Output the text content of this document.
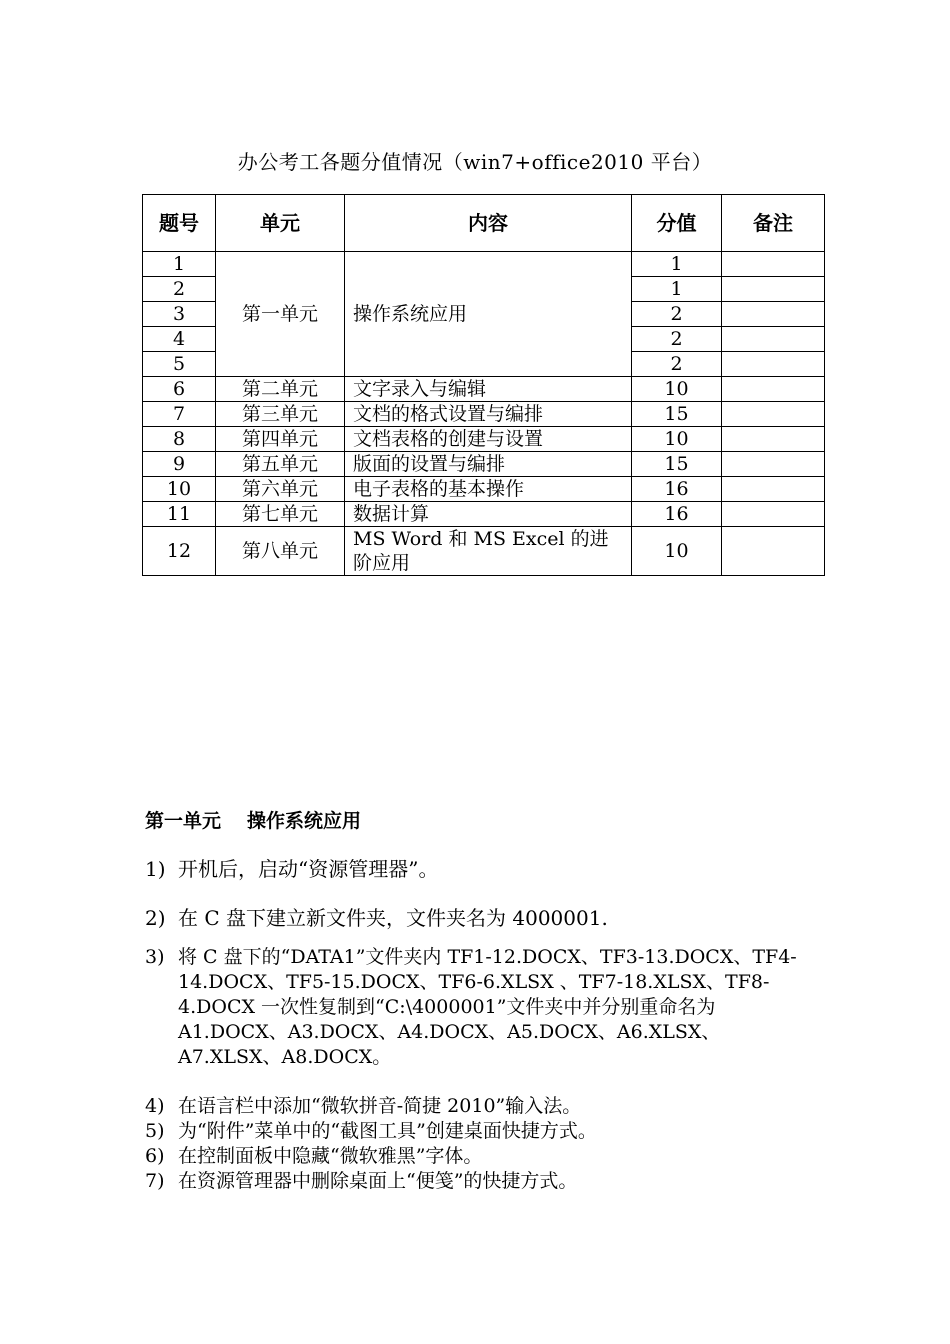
办公考工各题分值情况（win7+office2010 平台）
题号	单元	内容	分值	备注
1	第一单元	操作系统应用	1	
2			1	
3			2	
4			2	
5			2	
6	第二单元	文字录入与编辑	10	
7	第三单元	文档的格式设置与编排	15	
8	第四单元	文档表格的创建与设置	10	
9	第五单元	版面的设置与编排	15	
10	第六单元	电子表格的基本操作	16	
11	第七单元	数据计算	16	
12	第八单元	MS Word 和 MS Excel 的进阶应用	10	
第一单元 操作系统应用
1) 开机后，启动“资源管理器”。
2) 在 C 盘下建立新文件夹，文件夹名为 4000001.
3) 将 C 盘下的“DATA1”文件夹内 TF1-12.DOCX、TF3-13.DOCX、TF4-14.DOCX、TF5-15.DOCX、TF6-6.XLSX 、TF7-18.XLSX、TF8-4.DOCX 一次性复制到“C:\4000001”文件夹中并分别重命名为 A1.DOCX、A3.DOCX、A4.DOCX、A5.DOCX、A6.XLSX、A7.XLSX、A8.DOCX。
4) 在语言栏中添加“微软拼音-简捷 2010”输入法。
5) 为“附件”菜单中的“截图工具”创建桌面快捷方式。
6) 在控制面板中隐藏“微软雅黑”字体。
7) 在资源管理器中删除桌面上“便笺”的快捷方式。
